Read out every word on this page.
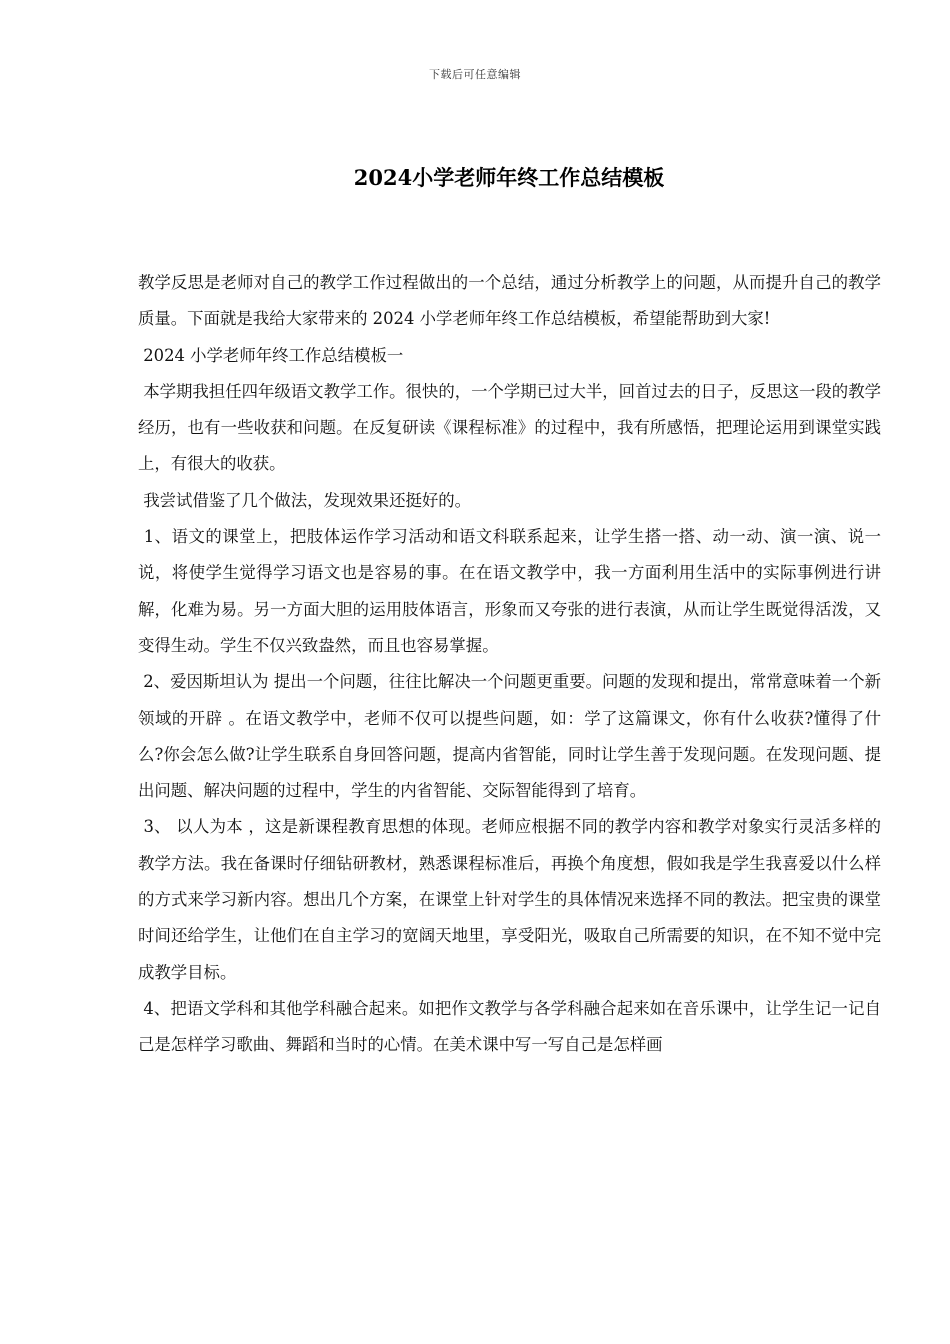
下载后可任意编辑
2024小学老师年终工作总结模板

教学反思是老师对自己的教学工作过程做出的一个总结，通过分析教学上的问题，从而提升自己的教学质量。下面就是我给大家带来的 2024 小学老师年终工作总结模板，希望能帮助到大家!

2024 小学老师年终工作总结模板一

本学期我担任四年级语文教学工作。很快的，一个学期已过大半，回首过去的日子，反思这一段的教学经历，也有一些收获和问题。在反复研读《课程标准》的过程中，我有所感悟，把理论运用到课堂实践上，有很大的收获。

我尝试借鉴了几个做法，发现效果还挺好的。

1、语文的课堂上，把肢体运作学习活动和语文科联系起来，让学生搭一搭、动一动、演一演、说一说，将使学生觉得学习语文也是容易的事。在在语文教学中，我一方面利用生活中的实际事例进行讲解，化难为易。另一方面大胆的运用肢体语言，形象而又夸张的进行表演，从而让学生既觉得活泼，又变得生动。学生不仅兴致盎然，而且也容易掌握。

2、爱因斯坦认为 提出一个问题，往往比解决一个问题更重要。问题的发现和提出，常常意味着一个新领域的开辟 。在语文教学中，老师不仅可以提些问题，如：学了这篇课文，你有什么收获?懂得了什么?你会怎么做?让学生联系自身回答问题，提高内省智能，同时让学生善于发现问题。在发现问题、提出问题、解决问题的过程中，学生的内省智能、交际智能得到了培育。

3、 以人为本 ，这是新课程教育思想的体现。老师应根据不同的教学内容和教学对象实行灵活多样的教学方法。我在备课时仔细钻研教材，熟悉课程标准后，再换个角度想，假如我是学生我喜爱以什么样的方式来学习新内容。想出几个方案，在课堂上针对学生的具体情况来选择不同的教法。把宝贵的课堂时间还给学生，让他们在自主学习的宽阔天地里，享受阳光，吸取自己所需要的知识，在不知不觉中完成教学目标。

4、把语文学科和其他学科融合起来。如把作文教学与各学科融合起来如在音乐课中，让学生记一记自己是怎样学习歌曲、舞蹈和当时的心情。在美术课中写一写自己是怎样画
